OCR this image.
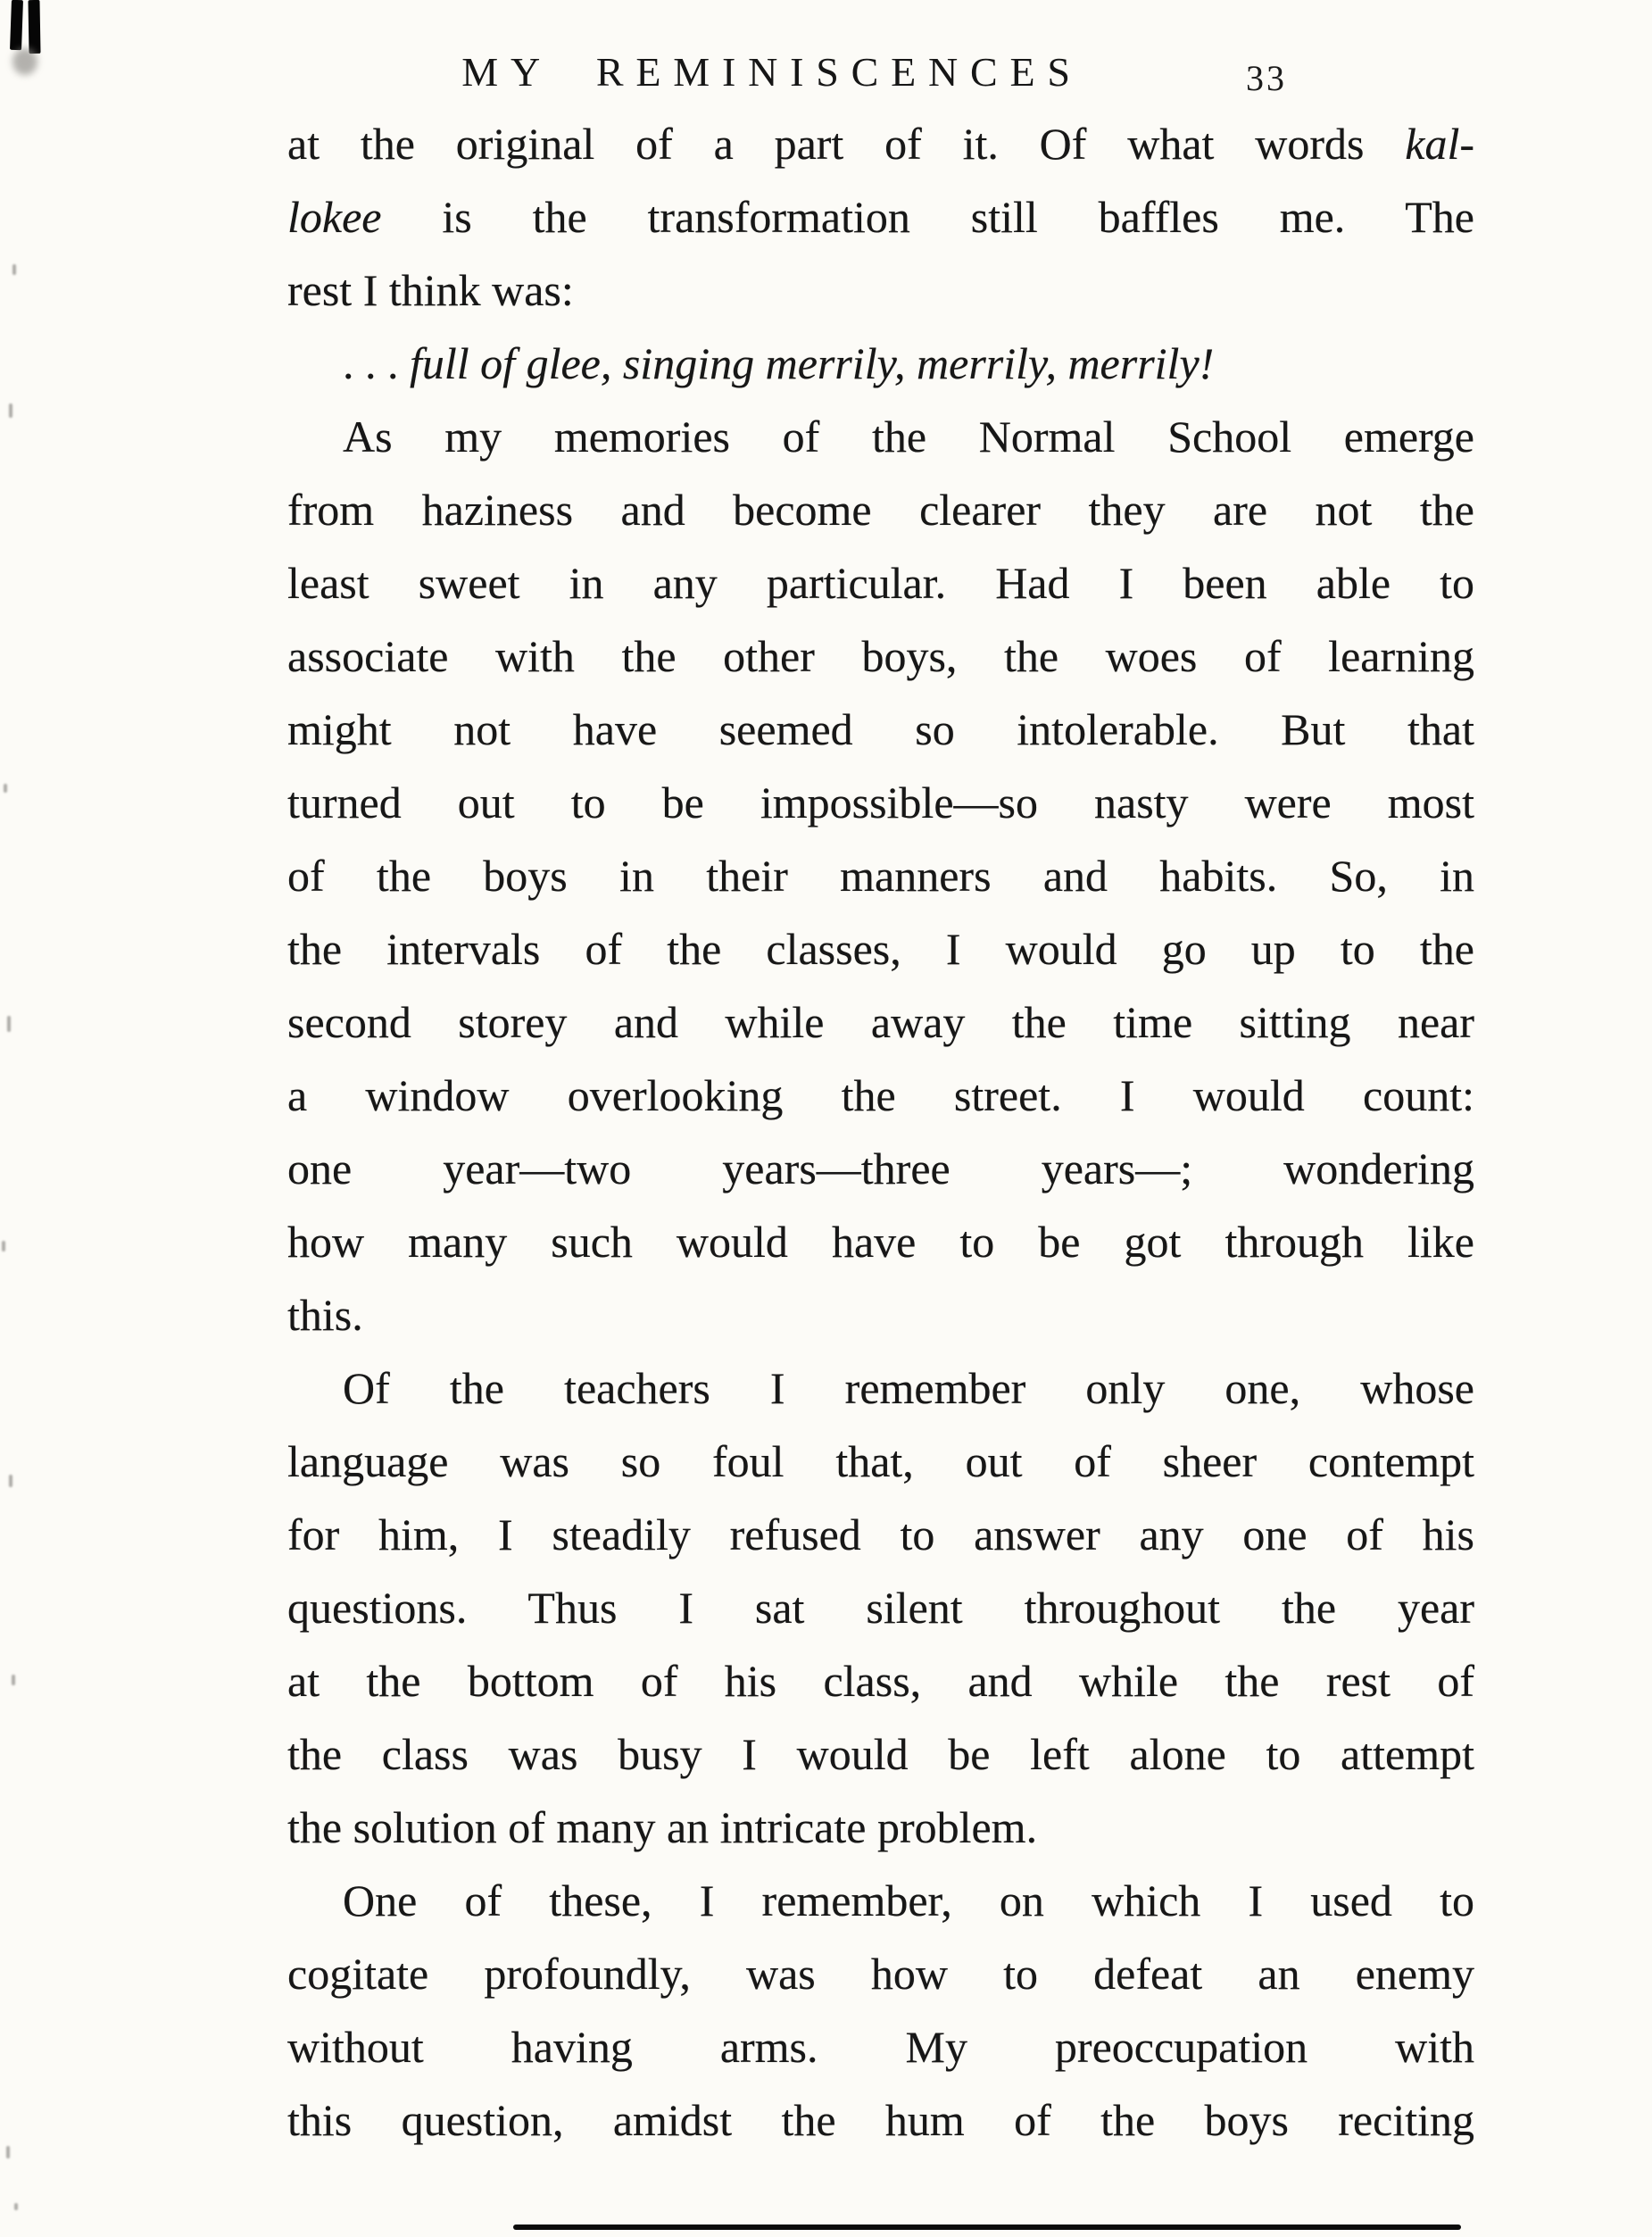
MY REMINISCENCES	33
at the original of a part of it. Of what words kal-
lokee is the transformation still baffles me. The
rest I think was:
. . . full of glee, singing merrily, merrily, merrily!
As my memories of the Normal School emerge
from haziness and become clearer they are not the
least sweet in any particular. Had I been able to
associate with the other boys, the woes of learning
might not have seemed so intolerable. But that
turned out to be impossible—so nasty were most
of the boys in their manners and habits. So, in
the intervals of the classes, I would go up to the
second storey and while away the time sitting near
a window overlooking the street. I would count:
one year—two years—three years—; wondering
how many such would have to be got through like
this.
Of the teachers I remember only one, whose
language was so foul that, out of sheer contempt
for him, I steadily refused to answer any one of his
questions. Thus I sat silent throughout the year
at the bottom of his class, and while the rest of
the class was busy I would be left alone to attempt
the solution of many an intricate problem.
One of these, I remember, on which I used to
cogitate profoundly, was how to defeat an enemy
without having arms. My preoccupation with
this question, amidst the hum of the boys reciting
